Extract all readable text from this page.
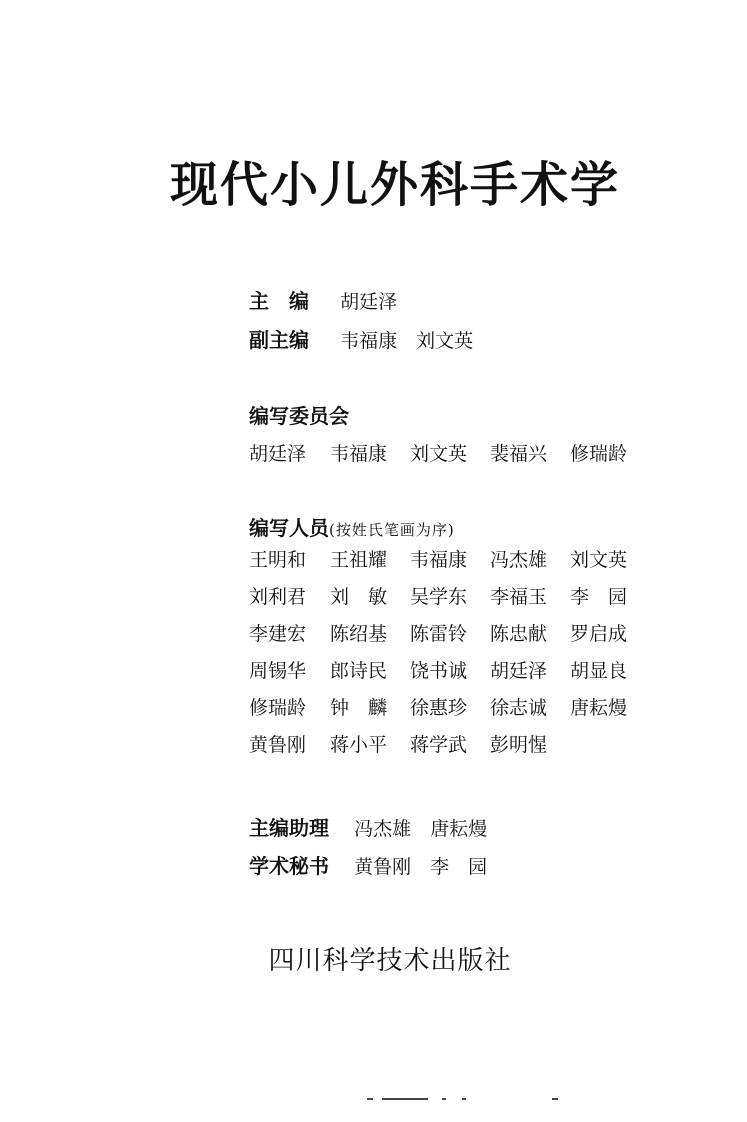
现代小儿外科手术学
主　编 胡廷泽
副主编 韦福康　刘文英
编写委员会
胡廷泽 韦福康 刘文英 裴福兴 修瑞龄
编写人员(按姓氏笔画为序)
王明和 王祖耀 韦福康 冯杰雄 刘文英
刘利君 刘　敏 吴学东 李福玉 李　园
李建宏 陈绍基 陈雷铃 陈忠献 罗启成
周锡华 郎诗民 饶书诚 胡廷泽 胡显良
修瑞龄 钟　麟 徐惠珍 徐志诚 唐耘熳
黄鲁刚 蒋小平 蒋学武 彭明惺
主编助理 冯杰雄　唐耘熳
学术秘书 黄鲁刚　李　园
四川科学技术出版社
